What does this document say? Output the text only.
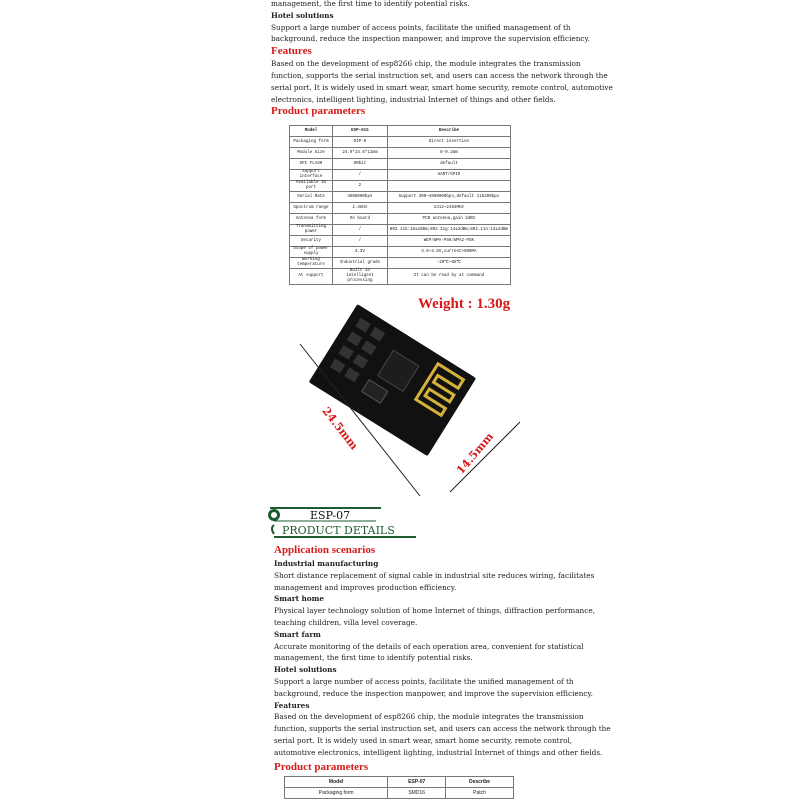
management, the first time to identify potential risks.
Hotel solutions
Support a large number of access points, facilitate the unified management of th
background, reduce the inspection manpower, and improve the supervision efficiency.
Features
Based on the development of esp8266 chip, the module integrates the transmission
function, supports the serial instruction set, and users can access the network through the
serial port. It is widely used in smart wear, smart home security, remote control, automotive
electronics, intelligent lighting, industrial Internet of things and other fields.
Product parameters
Model	ESP-01S	Describe
Packaging form	DIP-8	Direct insertion
Module Size	24.9*14.6*11mm	8-0.2mm
SPI FLASH	8Mbit	default
Support interface	/	UART/GPIO
Available IO port	2	
Serial Rate	4608000bps	Support 300~4608000bps,default 115200bps
Spectrum range	2.4GHz	2412~2484MHz
Antenna form	On board	PCB antenna,gain 2dBI
Transmitting power	/	802.11b:16±2dBm;802.11g:14±2dBm;802.11n:13±2dBm
Security	/	WEP/WPA-PSK/WPA2-PSK
Scope of power supply	3.3V	3.0~3.6V,current>500MA
Working temperature	Industrial grade	-20℃~85℃
At support	Built in intelligent processing	It can be read by at command
Weight : 1.30g
24.5mm
14.5mm
ESP-07
PRODUCT DETAILS
Application scenarios
Industrial manufacturing
Short distance replacement of signal cable in industrial site reduces wiring, facilitates
management and improves production efficiency.
Smart home
Physical layer technology solution of home Internet of things, diffraction performance,
teaching children, villa level coverage.
Smart farm
Accurate monitoring of the details of each operation area, convenient for statistical
management, the first time to identify potential risks.
Hotel solutions
Support a large number of access points, facilitate the unified management of th
background, reduce the inspection manpower, and improve the supervision efficiency.
Features
Based on the development of esp8266 chip, the module integrates the transmission
function, supports the serial instruction set, and users can access the network through the
serial port. It is widely used in smart wear, smart home security, remote control,
automotive electronics, intelligent lighting, industrial Internet of things and other fields.
Product parameters
Model	ESP-07	Describe
Packaging form	SMD16	Patch
